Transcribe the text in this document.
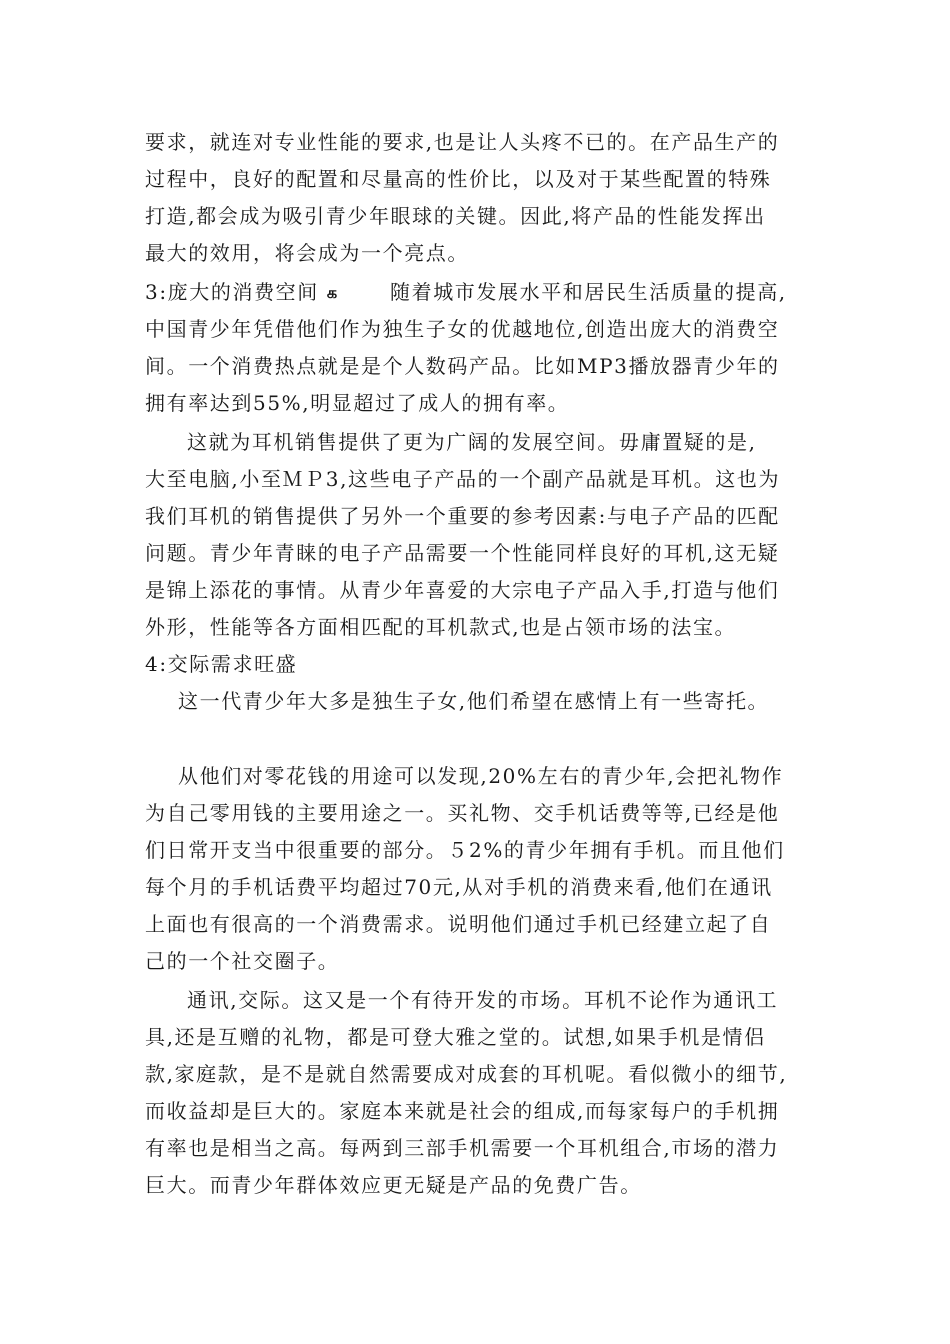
要求，就连对专业性能的要求,也是让人头疼不已的。在产品生产的
过程中，良好的配置和尽量高的性价比，以及对于某些配置的特殊
打造,都会成为吸引青少年眼球的关键。因此,将产品的性能发挥出
最大的效用，将会成为一个亮点。
3:庞大的消费空间க	随着城市发展水平和居民生活质量的提高,
中国青少年凭借他们作为独生子女的优越地位,创造出庞大的消费空
间。一个消费热点就是是个人数码产品。比如MP3播放器青少年的
拥有率达到55%,明显超过了成人的拥有率。
这就为耳机销售提供了更为广阔的发展空间。毋庸置疑的是,
大至电脑,小至ＭＰ3,这些电子产品的一个副产品就是耳机。这也为
我们耳机的销售提供了另外一个重要的参考因素:与电子产品的匹配
问题。青少年青睐的电子产品需要一个性能同样良好的耳机,这无疑
是锦上添花的事情。从青少年喜爱的大宗电子产品入手,打造与他们
外形，性能等各方面相匹配的耳机款式,也是占领市场的法宝。
4:交际需求旺盛
这一代青少年大多是独生子女,他们希望在感情上有一些寄托。
从他们对零花钱的用途可以发现,20%左右的青少年,会把礼物作
为自己零用钱的主要用途之一。买礼物、交手机话费等等,已经是他
们日常开支当中很重要的部分。５2%的青少年拥有手机。而且他们
每个月的手机话费平均超过70元,从对手机的消费来看,他们在通讯
上面也有很高的一个消费需求。说明他们通过手机已经建立起了自
己的一个社交圈子。
通讯,交际。这又是一个有待开发的市场。耳机不论作为通讯工
具,还是互赠的礼物，都是可登大雅之堂的。试想,如果手机是情侣
款,家庭款，是不是就自然需要成对成套的耳机呢。看似微小的细节,
而收益却是巨大的。家庭本来就是社会的组成,而每家每户的手机拥
有率也是相当之高。每两到三部手机需要一个耳机组合,市场的潜力
巨大。而青少年群体效应更无疑是产品的免费广告。
